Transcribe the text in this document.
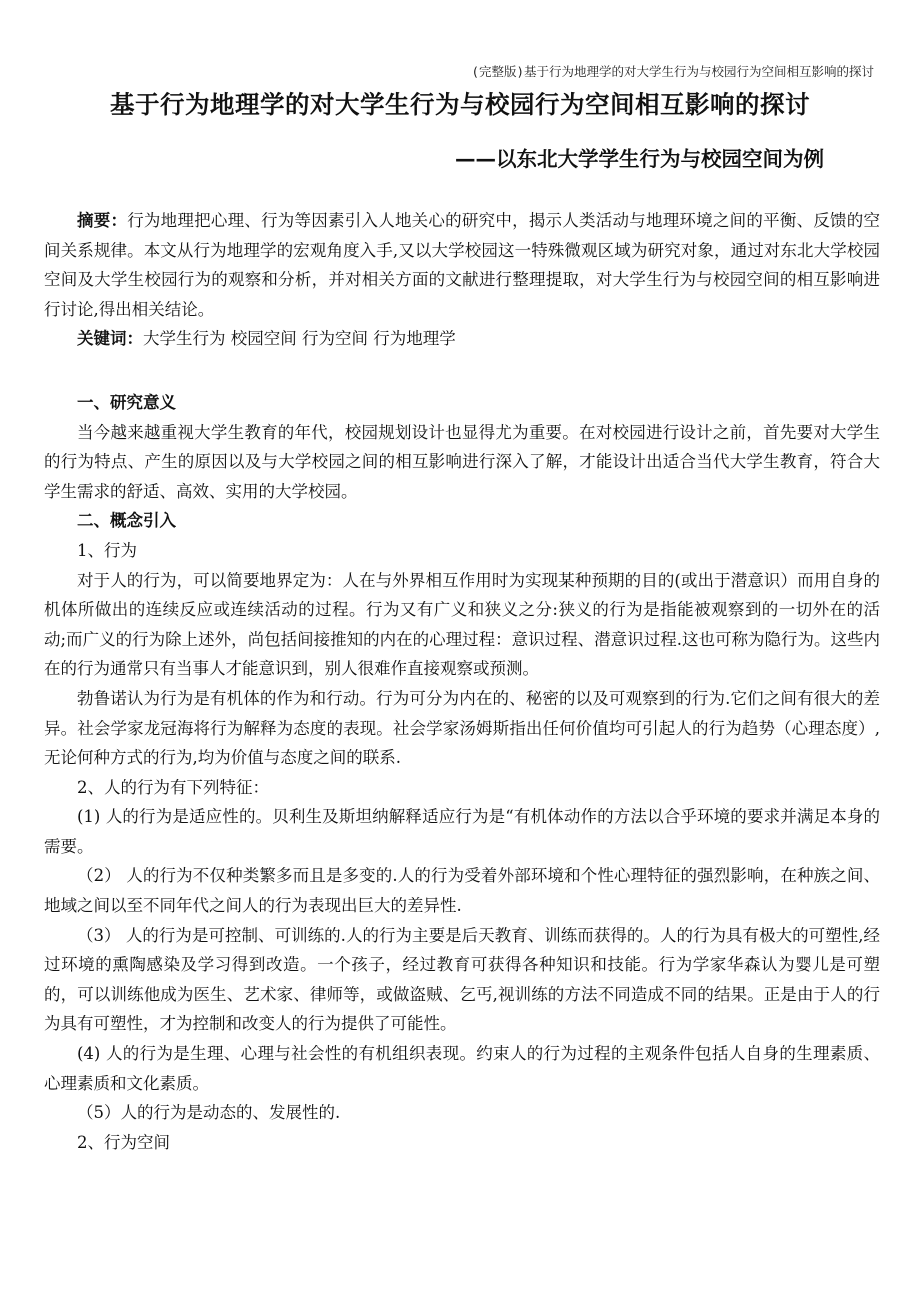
(完整版)基于行为地理学的对大学生行为与校园行为空间相互影响的探讨
基于行为地理学的对大学生行为与校园行为空间相互影响的探讨
——以东北大学学生行为与校园空间为例

摘要：行为地理把心理、行为等因素引入人地关心的研究中，揭示人类活动与地理环境之间的平衡、反馈的空间关系规律。本文从行为地理学的宏观角度入手,又以大学校园这一特殊微观区域为研究对象，通过对东北大学校园空间及大学生校园行为的观察和分析，并对相关方面的文献进行整理提取，对大学生行为与校园空间的相互影响进行讨论,得出相关结论。

关键词：大学生行为 校园空间 行为空间 行为地理学

一、研究意义

当今越来越重视大学生教育的年代，校园规划设计也显得尤为重要。在对校园进行设计之前，首先要对大学生的行为特点、产生的原因以及与大学校园之间的相互影响进行深入了解，才能设计出适合当代大学生教育，符合大学生需求的舒适、高效、实用的大学校园。

二、概念引入

1、行为

对于人的行为，可以简要地界定为：人在与外界相互作用时为实现某种预期的目的(或出于潜意识）而用自身的机体所做出的连续反应或连续活动的过程。行为又有广义和狭义之分:狭义的行为是指能被观察到的一切外在的活动;而广义的行为除上述外，尚包括间接推知的内在的心理过程：意识过程、潜意识过程.这也可称为隐行为。这些内在的行为通常只有当事人才能意识到，别人很难作直接观察或预测。

勃鲁诺认为行为是有机体的作为和行动。行为可分为内在的、秘密的以及可观察到的行为.它们之间有很大的差异。社会学家龙冠海将行为解释为态度的表现。社会学家汤姆斯指出任何价值均可引起人的行为趋势（心理态度）,无论何种方式的行为,均为价值与态度之间的联系.

2、人的行为有下列特征：

(1) 人的行为是适应性的。贝利生及斯坦纳解释适应行为是“有机体动作的方法以合乎环境的要求并满足本身的需要。

（2） 人的行为不仅种类繁多而且是多变的.人的行为受着外部环境和个性心理特征的强烈影响，在种族之间、 地域之间以至不同年代之间人的行为表现出巨大的差异性.

（3） 人的行为是可控制、可训练的.人的行为主要是后天教育、训练而获得的。人的行为具有极大的可塑性,经过环境的熏陶感染及学习得到改造。一个孩子，经过教育可获得各种知识和技能。行为学家华森认为婴儿是可塑的，可以训练他成为医生、艺术家、律师等，或做盗贼、乞丐,视训练的方法不同造成不同的结果。正是由于人的行为具有可塑性，才为控制和改变人的行为提供了可能性。

(4) 人的行为是生理、心理与社会性的有机组织表现。约束人的行为过程的主观条件包括人自身的生理素质、心理素质和文化素质。

（5）人的行为是动态的、发展性的.

2、行为空间
